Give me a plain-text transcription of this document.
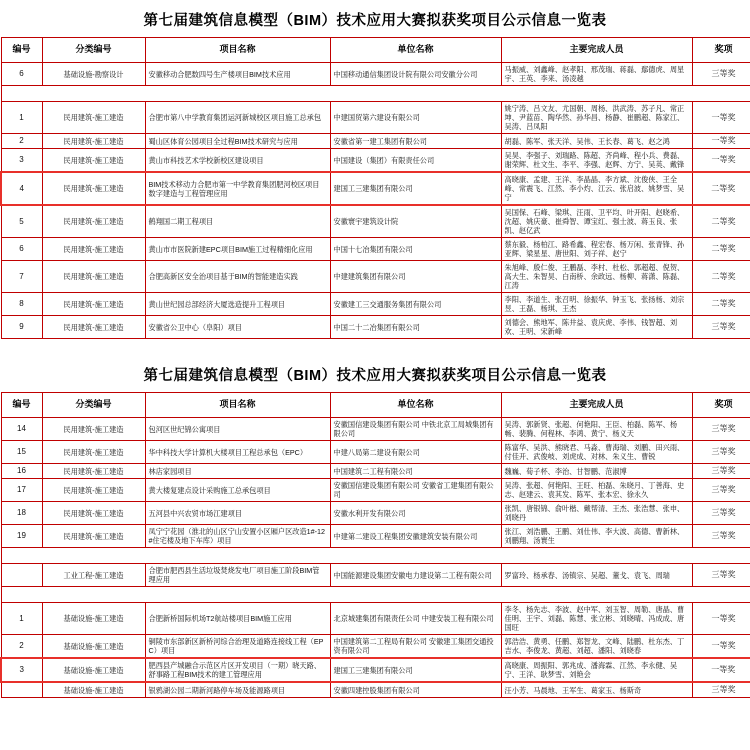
第七届建筑信息模型（BIM）技术应用大赛拟获奖项目公示信息一览表
编号	分类编号	项目名称	单位名称	主要完成人员	奖项
6	基础设施-勘察设计	安徽移动合肥数四号生产楼项目BIM技术应用	中国移动通信集团设计院有限公司安徽分公司	马振威、刘鑫峰、赵孝阳、邢茂瑞、蒋磊、鄢德虎、周星宇、王英、李来、汤凌越	三等奖

1	民用建筑-施工建造	合肥市第八中学教育集团运河新城校区项目施工总承包	中建国贸第六建设有限公司	姚宁涛、吕文友、尤国朝、周杨、洪武涛、苏子凡、常正坤、尹蓝苗、陶华然、孙华昌、杨静、崔鹏超、陈家江、吴涛、吕凤阳	一等奖
2	民用建筑-施工建造	蜀山区体育公园项目全过程BIM技术研究与应用	安徽省第一建工集团有限公司	胡磊、陈军、张天洋、吴伟、王长春、葛飞、赵之鸿	一等奖
3	民用建筑-施工建造	黄山市科技艺术学校新校区建设项目	中国建设（集团）有限责任公司	吴昊、李强子、刘瑞路、陈超、齐尚峰、程小兵、费磊、谢荣辉、杜文生、李平、李强、赵辉、方宁、吴英、戴锋	一等奖
4	民用建筑-施工建造	BIM技术移动力合肥市第一中学教育集团肥河校区项目数字建造与工程管理应用	建国工三建集团有限公司	高晓康、孟建、王洋、李晶晶、李方斌、沈俊侠、王全峰、常震飞、江然、李小灼、江云、张启波、姚梦雪、吴宁	二等奖
5	民用建筑-施工建造	鹤翔国二期工程项目	安徽寰宇建筑设计院	吴国保、石峰、梁琪、汪雨、卫平均、叶开阳、赵晓希、沈超、姚庆豪、崔舜智、谭宝红、强士波、蒋玉良、张凯、赵亿武	二等奖
6	民用建筑-施工建造	黄山市市医院新建EPC项目BIM施工过程精细化应用	中国十七冶集团有限公司	蔡东毅、杨柏江、路希鑫、程宏春、杨万闲、张青锋、孙亚辉、梁星星、唐世阳、刘子祥、赵宁	二等奖
7	民用建筑-施工建造	合肥高新区安全治项目基于BIM的智能建造实践	中建建筑集团有限公司	朱旭峰、殷仁俊、王鹏磊、李村、杜松、郭超超、倪贺、高大生、朱智昊、白南桥、余政远、杨柳、蒋潇、陈磊、江涛	二等奖
8	民用建筑-施工建造	黄山世纪园总部经济大厦选造提升工程项目	安徽建工三交通服务集团有限公司	李阳、李道生、张召明、徐振华、钟玉飞、张扬杨、刘宗昱、王磊、杨琪、王杰	二等奖
9	民用建筑-施工建造	安徽省公卫中心（阜阳）项目	中国二十二冶集团有限公司	刘德会、熊地军、陈井益、袁庆虎、李伟、钱智超、刘欢、王明、宋新峰	三等奖
第七届建筑信息模型（BIM）技术应用大赛拟获奖项目公示信息一览表
编号	分类编号	项目名称	单位名称	主要完成人员	奖项
14	民用建筑-施工建造	包河区世纪锦公寓项目	安徽国信建设集团有限公司 中铁北京工局城集团有限公司	吴涛、郭新贤、张超、何艳阳、王臣、柏磊、陈军、杨畅、裴腾、何程林、李鸿、黄宁、杨义天	三等奖
15	民用建筑-施工建造	华中科技大学计算机大楼项目工程总承包（EPC）	中建八局第二建设有限公司	陈富华、吴洪、熊晓君、马淼、曹海瑞、刘鹏、田兴雨、付佳开、武俊岐、刘虎成、对林、朱义生、曹锐	三等奖
16	民用建筑-施工建造	林店家园项目	中国建筑二工程有限公司	魏巍、荀子杯、李治、甘智鹏、范淑博	三等奖
17	民用建筑-施工建造	黄大楼复建点设计采购施工总承包项目	安徽国信建设集团有限公司 安徽省工建集团有限公司	吴涛、张超、何艳阳、王旺、柏磊、朱晓月、丁善海、史志、赵建云、袁其发、陈军、张本宏、徐永久	三等奖
18	民用建筑-施工建造	五河县中兴农贸市场江建项目	安徽水利开发有限公司	张凯、唐银锦、俞叶楷、戴帮清、王杰、张浩慧、张申、刘晓丹	三等奖
19	民用建筑-施工建造	凤宁宁花园（淮北的山区宁山安置小区厢户区改造1#-12#住宅楼及地下车库）项目	中建第二建设工程集团安徽建筑安装有限公司	张江、刘浩鹏、王鹏、刘仕伟、李大波、高德、曹新林、刘鹏翔、汤寰生	三等奖

	工业工程-施工建造	合肥市肥西县生活垃圾焚烧发电厂项目施工阶段BIM管理应用	中国能源建设集团安徽电力建设第二工程有限公司	罗富玲、杨承春、汤镇宗、吴超、董戈、袁飞、周瑞	三等奖

1	基础设施-施工建造	合肥新桥国际机场T2航站楼项目BIM施工应用	北京城建集团有限责任公司 中建安装工程有限公司	李冬、杨先志、李波、赵中军、刘玉智、周勒、唐晶、曹佳明、王宇、刘磊、陈慧、张立彬、刘晓晴、冯成成、唐国旺	一等奖
2	基础设施-施工建造	铜陵市东部新区新桥河综合治理及道路连接线工程（EPC）项目	中国建筑第二工程局有限公司 安徽建工集团交通投资有限公司	郭浩浩、黄勇、任鹏、郑智龙、文峰、陆鹏、杜东杰、丁吉水、李俊龙、黄超、刘超、潘阳、刘晓春	一等奖
3	基础设施-施工建造	肥西县产城融合示范区片区开发项目（一期）晓天路、舒事路工程BIM技术的建工管理应用	建国工三建集团有限公司	高晓康、周振阳、郭兆成、潘海霖、江然、李永健、吴宁、王洋、耿梦雪、刘艳会	一等奖
	基础设施-施工建造	银鸦湖公园二期新河路停车场及能源路项目	安徽四建控股集团有限公司	汪小芳、马晨地、王军生、葛家玉、杨斯奇	三等奖
